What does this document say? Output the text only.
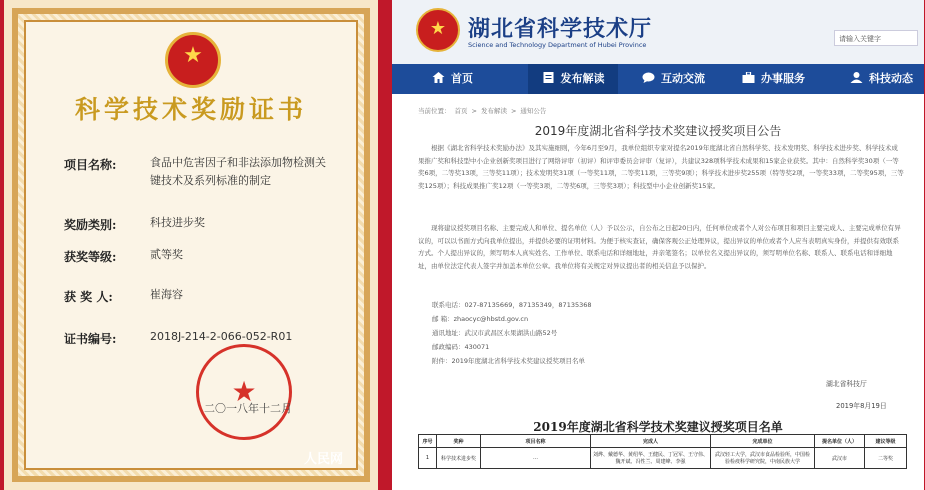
★
科学技术奖励证书
项目名称:	食品中危害因子和非法添加物检测关键技术及系列标准的制定
奖励类别:	科技进步奖
获奖等级:	贰等奖
获 奖 人:	崔海容
证书编号:	2018J-214-2-066-052-R01
★
二〇一八年十二月
人民网
★ 湖北省科学技术厅
Science and Technology Department of Hubei Province
请输入关键字
首页	发布解读	互动交流	办事服务	科技动态
当前位置： 首页 > 发布解读 > 通知公告
2019年度湖北省科学技术奖建议授奖项目公告
根据《湖北省科学技术奖励办法》及其实施细则，今年6月至9月，我单位组织专家对提名2019年度湖北省自然科学奖、技术发明奖、科学技术进步奖、科学技术成果推广奖和科技型中小企业创新奖项目进行了网络评审（初评）和评审委员会评审（复评），共建议328项科学技术成果和15家企业获奖。其中：自然科学奖30项（一等奖6项，二等奖13项，三等奖11项）；技术发明奖31项（一等奖11项，二等奖11项，三等奖9项）；科学技术进步奖255项（特等奖2项，一等奖33项，二等奖95项，三等奖125项）；科技成果推广奖12项（一等奖3项，二等奖6项，三等奖3项）；科技型中小企业创新奖15家。
现将建议授奖项目名称、主要完成人和单位、提名单位（人）予以公示，自公布之日起20日内，任何单位或者个人对公布项目和项目主要完成人、主要完成单位有异议的，可以以书面方式向我单位提出，并提供必要的证明材料。为便于核实查证，确保客观公正处理异议，提出异议的单位或者个人应当表明真实身份，并提供有效联系方式。个人提出异议的，须写明本人真实姓名、工作单位、联系电话和详细地址，并亲笔签名；以单位名义提出异议的，须写明单位名称、联系人、联系电话和详细地址，由单位法定代表人签字并加盖本单位公章。我单位将有关规定对异议提出者的相关信息予以保护。
联系电话：027-87135669，87135349，87135368
邮 箱：zhaocyc@hbstd.gov.cn
通讯地址：武汉市武昌区水果湖洪山路52号
邮政编码：430071
附件：2019年度湖北省科学技术奖建议授奖项目名单
湖北省科技厅
2019年8月19日
2019年度湖北省科学技术奖建议授奖项目名单
序号	奖种	项目名称	完成人	完成单位	提名单位（人）	建议等级
1	科学技术进步奖	…	刘烨、戴德华、黄绍华、王健民、丁冠军、王守伟、魏开斌、冯性兰、周建峰、李强	武汉轻工大学，武汉市食品检验所，中国检验检疫科学研究院，中南民族大学	武汉市	二等奖
